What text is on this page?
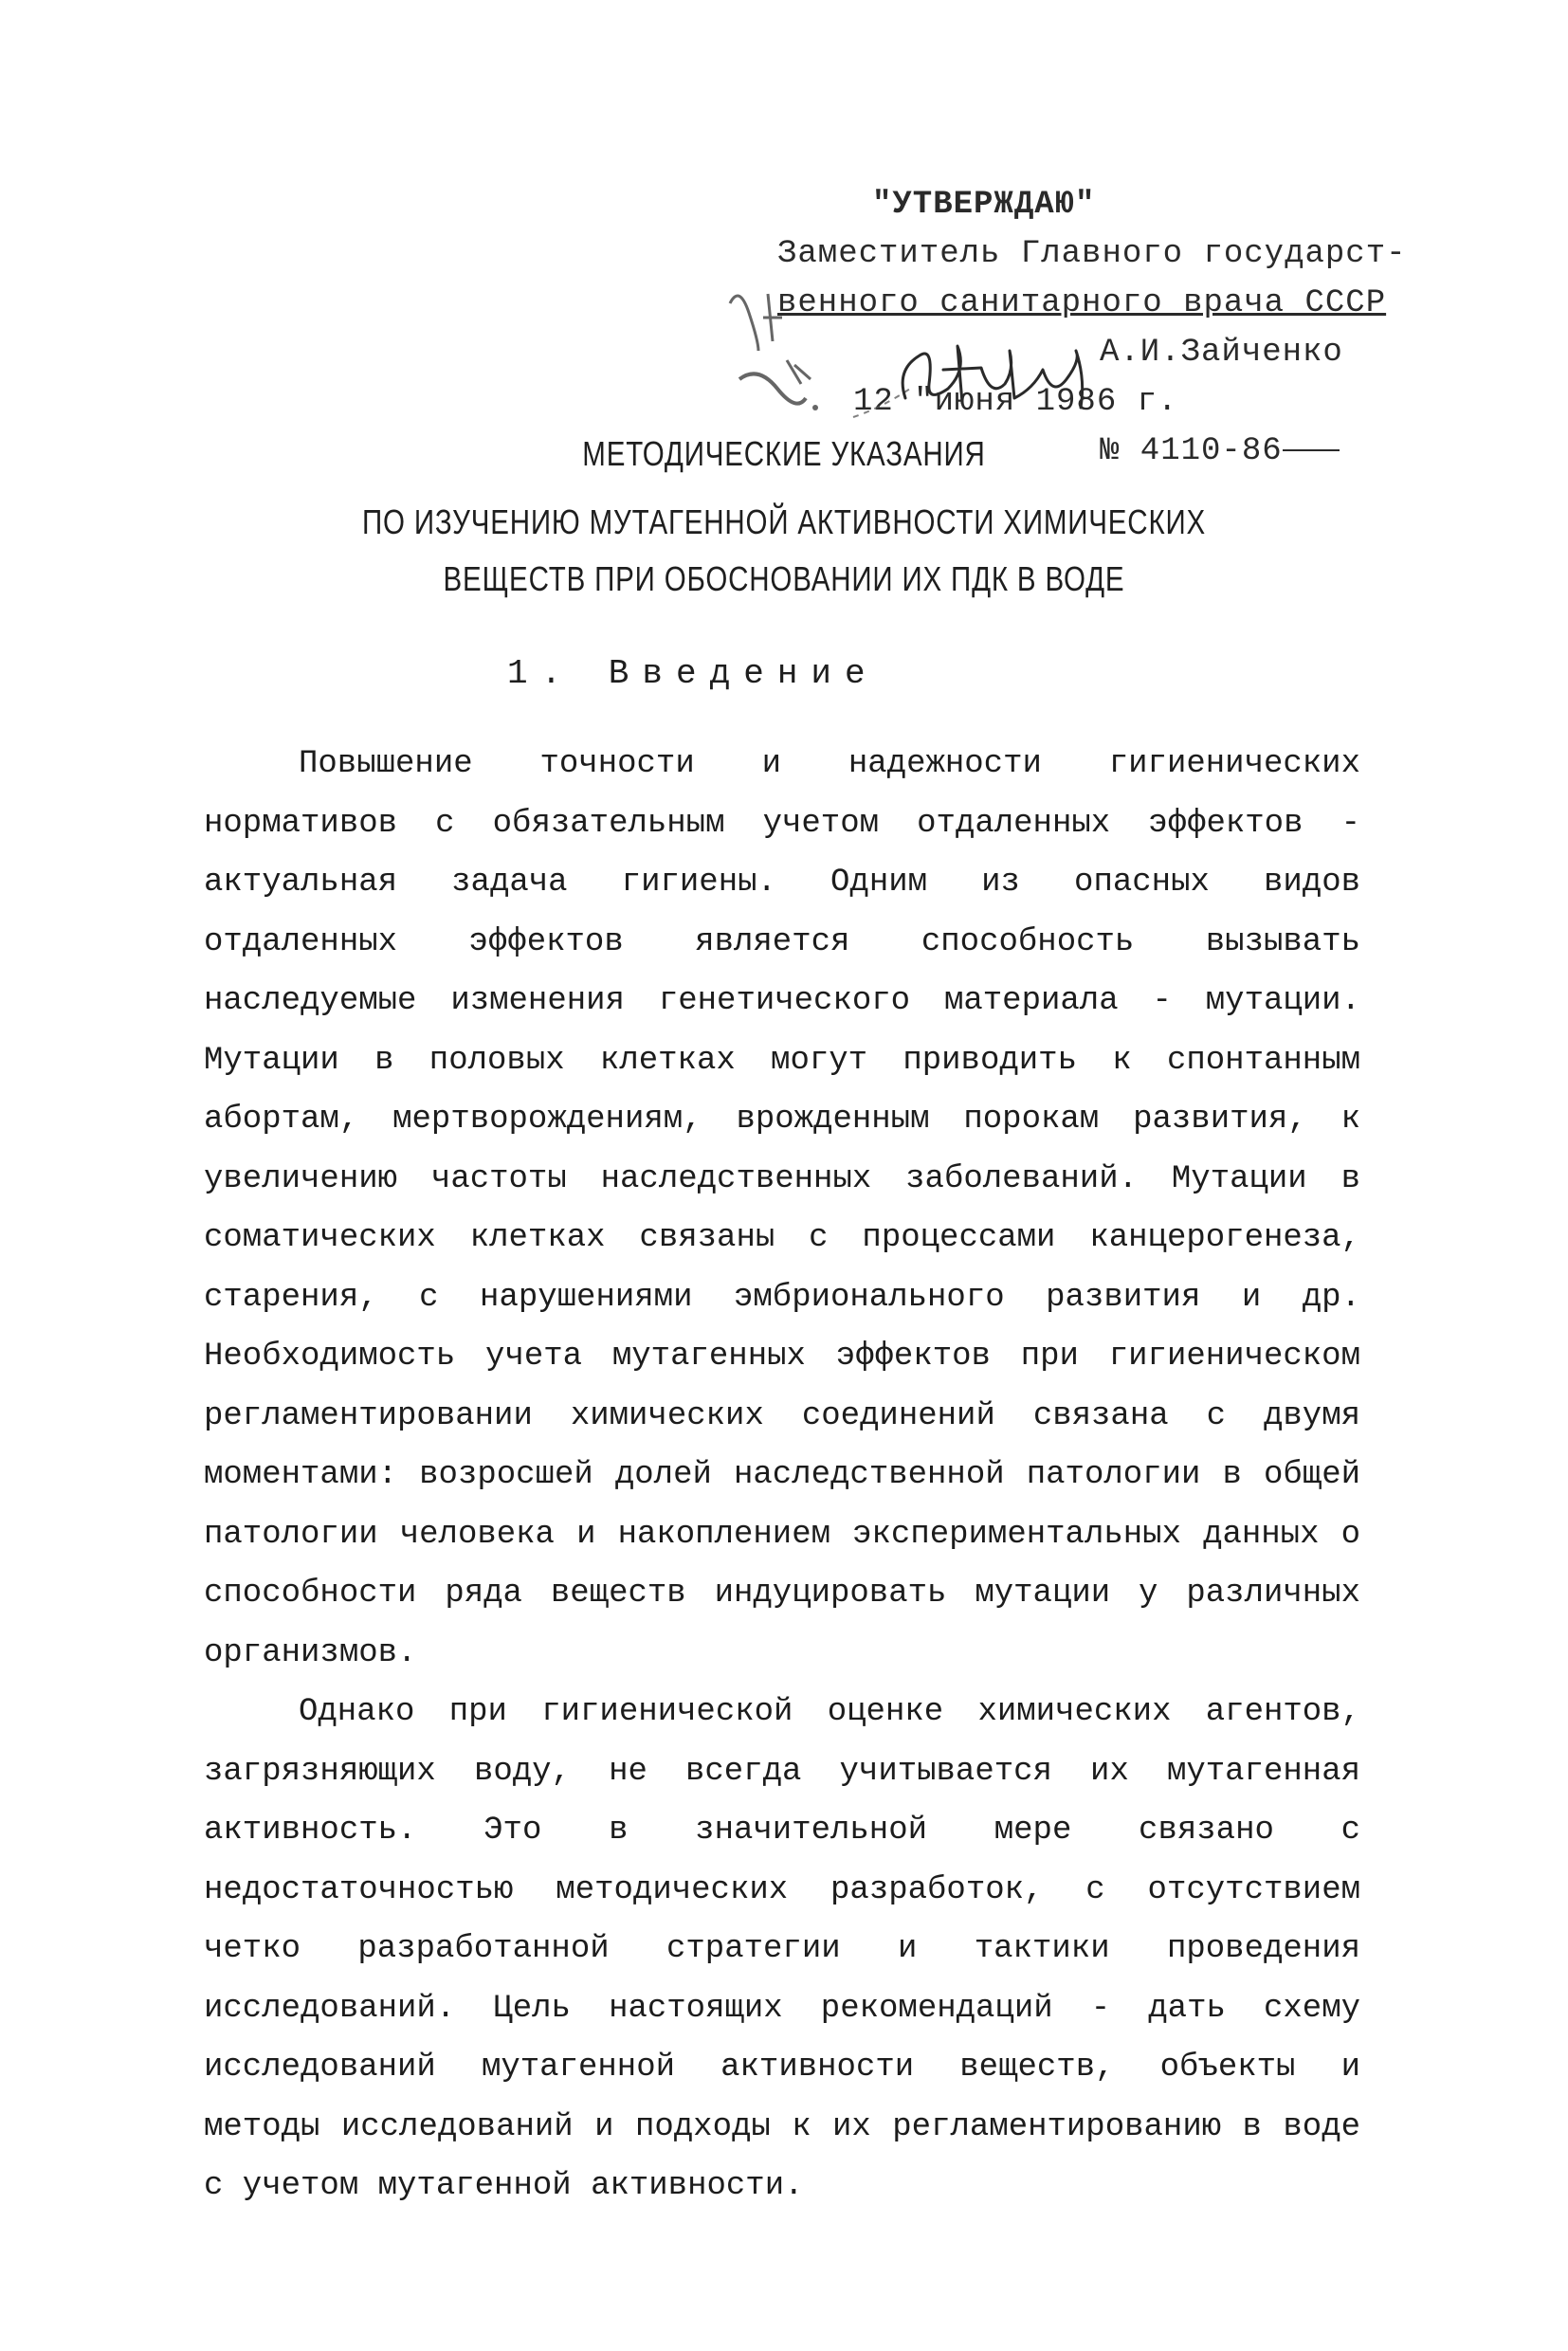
"УТВЕРЖДАЮ"
Заместитель Главного государст-
венного санитарного врача СССР
А.И.Зайченко
12 "июня 1986 г.
№ 4110-86
МЕТОДИЧЕСКИЕ УКАЗАНИЯ
ПО ИЗУЧЕНИЮ МУТАГЕННОЙ АКТИВНОСТИ ХИМИЧЕСКИХ
ВЕЩЕСТВ ПРИ ОБОСНОВАНИИ ИХ ПДК В ВОДЕ
1. Введение

Повышение точности и надежности гигиенических нормативов с обязательным учетом отдаленных эффектов - актуальная задача гигиены. Одним из опасных видов отдаленных эффектов является способность вызывать наследуемые изменения генетического материала - мутации. Мутации в половых клетках могут приводить к спонтанным абортам, мертворождениям, врожденным порокам развития, к увеличению частоты наследственных заболеваний. Мутации в соматических клетках связаны с процессами канцерогенеза, старения, с нарушениями эмбрионального развития и др. Необходимость учета мутагенных эффектов при гигиеническом регламентировании химических соединений связана с двумя моментами: возросшей долей наследственной патологии в общей патологии человека и накоплением экспериментальных данных о способности ряда веществ индуцировать мутации у различных организмов.

Однако при гигиенической оценке химических агентов, загрязняющих воду, не всегда учитывается их мутагенная активность. Это в значительной мере связано с недостаточностью методических разработок, с отсутствием четко разработанной стратегии и тактики проведения исследований. Цель настоящих рекомендаций - дать схему исследований мутагенной активности веществ, объекты и методы исследований и подходы к их регламентированию в воде с учетом мутагенной активности.
